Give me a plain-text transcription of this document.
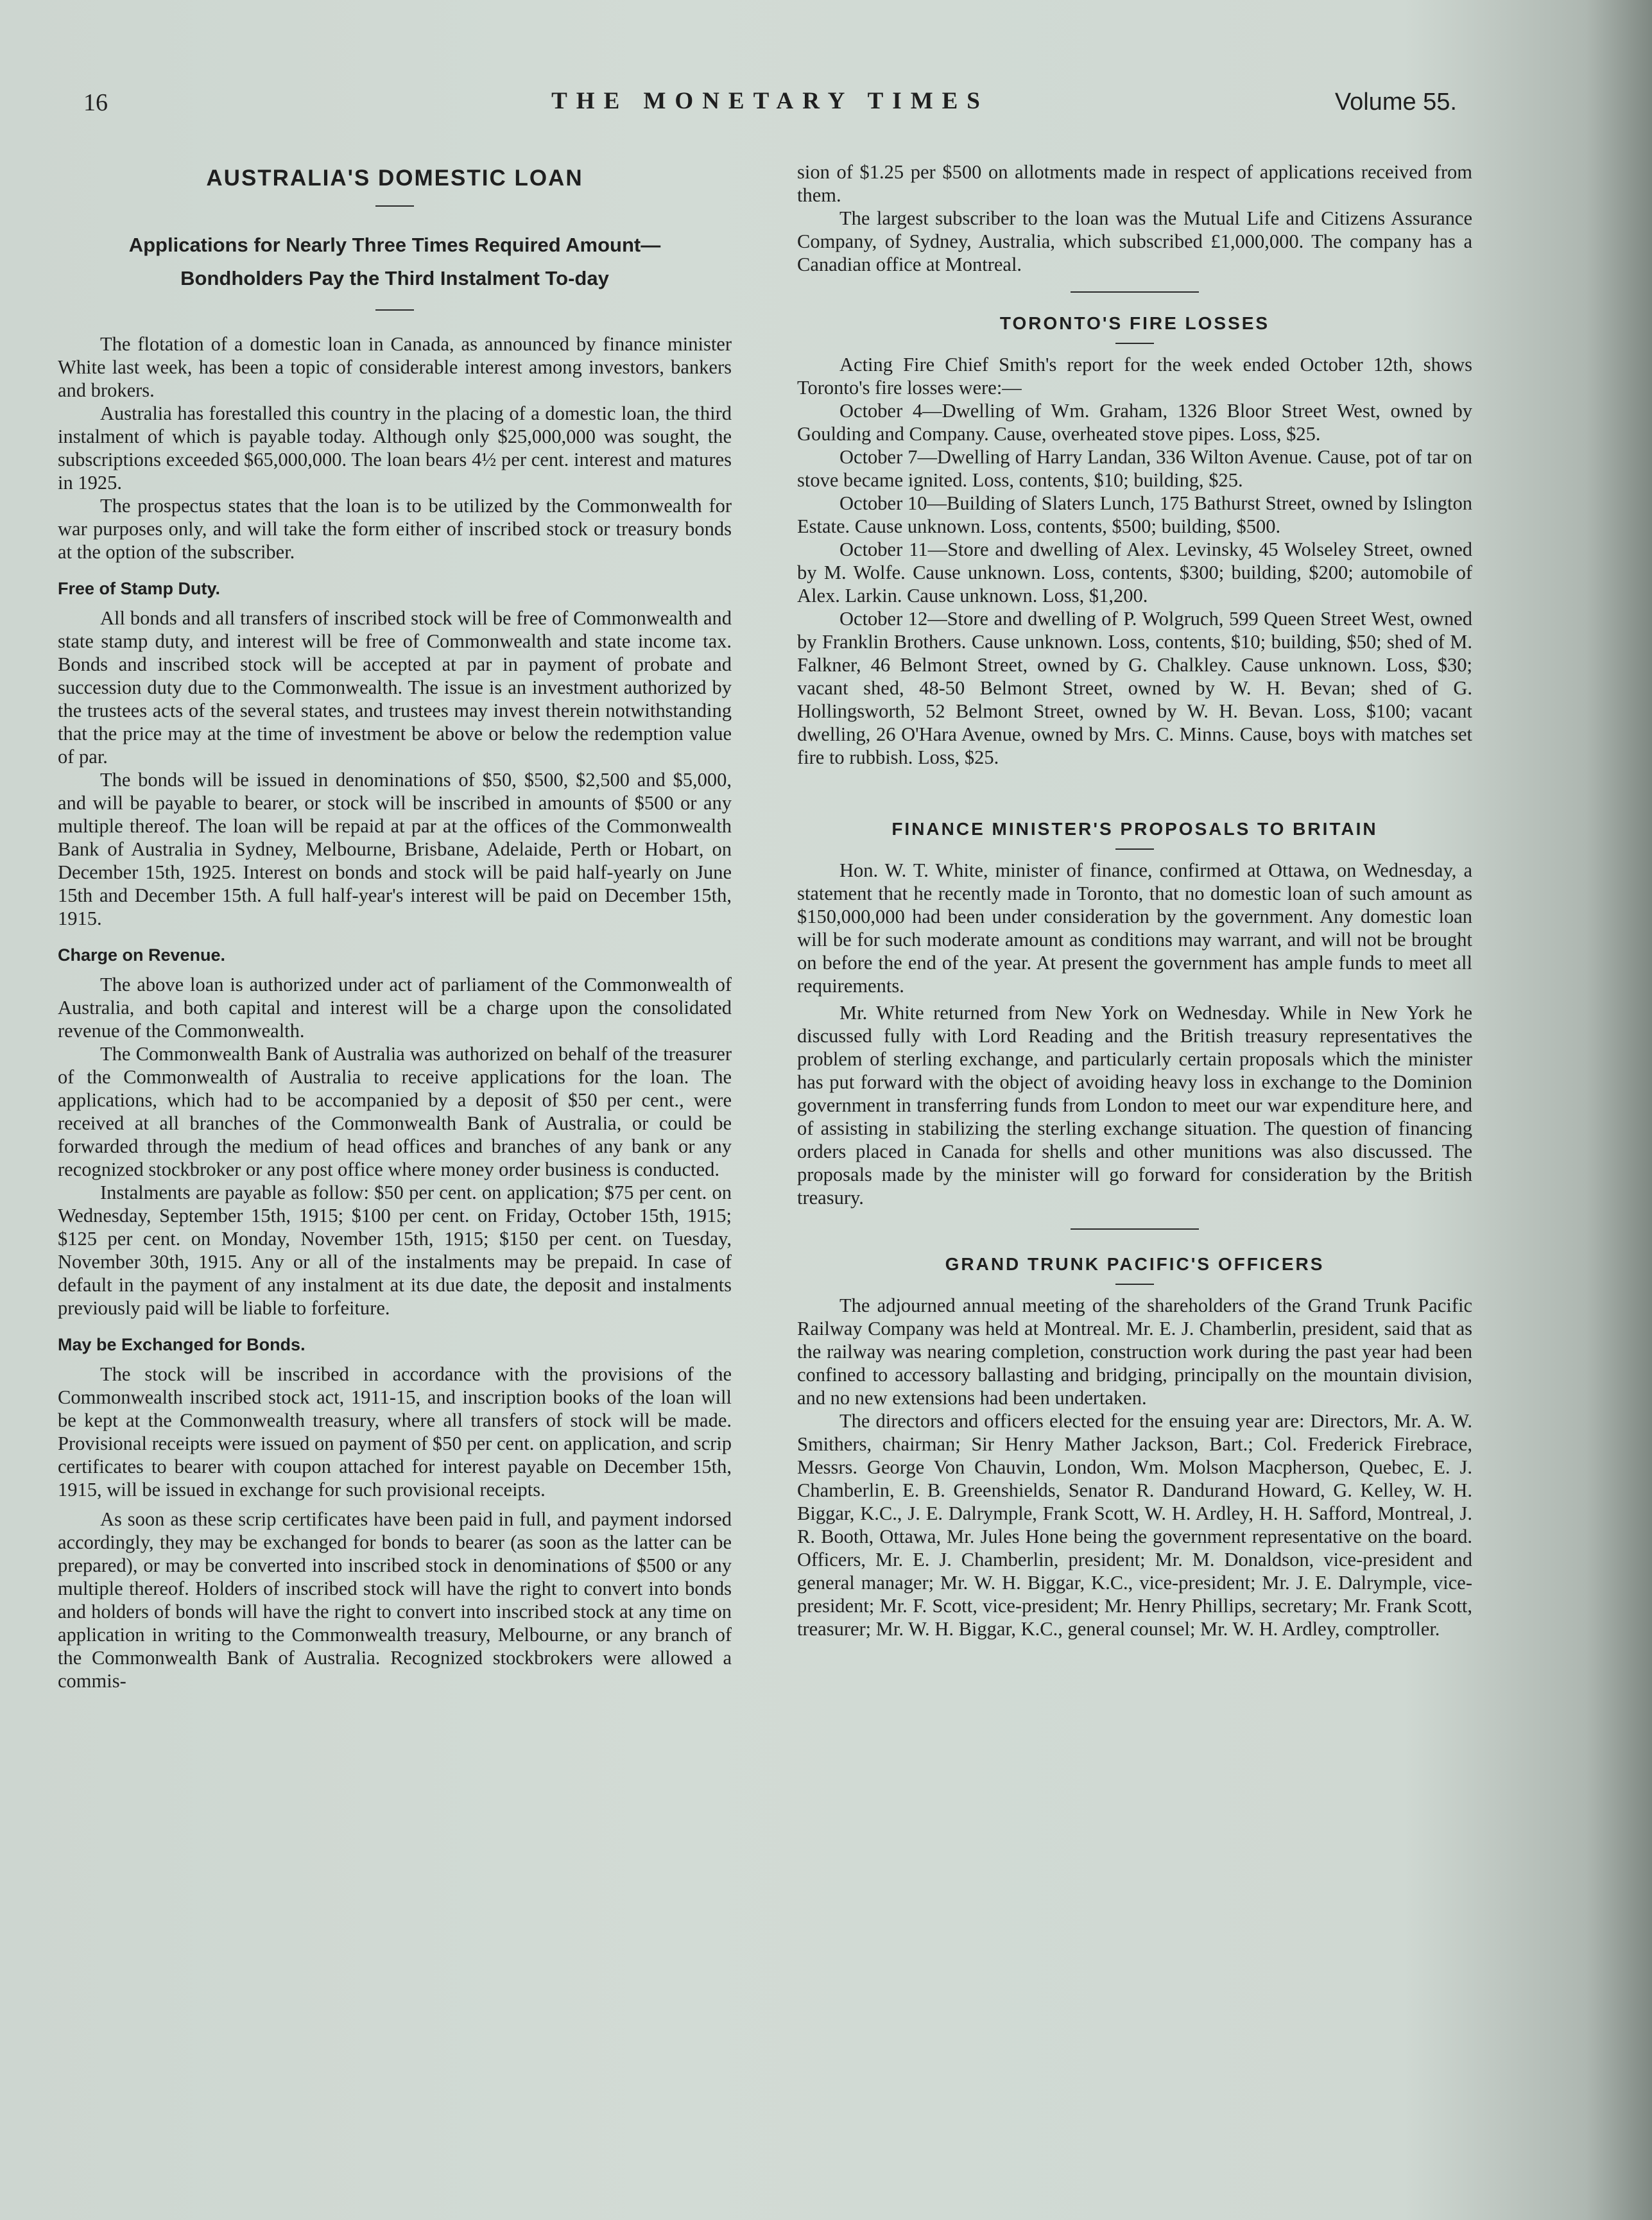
16	THE MONETARY TIMES	Volume 55.
AUSTRALIA'S DOMESTIC LOAN
Applications for Nearly Three Times Required Amount—
Bondholders Pay the Third Instalment To-day

The flotation of a domestic loan in Canada, as announced by finance minister White last week, has been a topic of considerable interest among investors, bankers and brokers.

Australia has forestalled this country in the placing of a domestic loan, the third instalment of which is payable today. Although only $25,000,000 was sought, the subscriptions exceeded $65,000,000. The loan bears 4½ per cent. interest and matures in 1925.

The prospectus states that the loan is to be utilized by the Commonwealth for war purposes only, and will take the form either of inscribed stock or treasury bonds at the option of the subscriber.

Free of Stamp Duty.

All bonds and all transfers of inscribed stock will be free of Commonwealth and state stamp duty, and interest will be free of Commonwealth and state income tax. Bonds and inscribed stock will be accepted at par in payment of probate and succession duty due to the Commonwealth. The issue is an investment authorized by the trustees acts of the several states, and trustees may invest therein notwithstanding that the price may at the time of investment be above or below the redemption value of par.

The bonds will be issued in denominations of $50, $500, $2,500 and $5,000, and will be payable to bearer, or stock will be inscribed in amounts of $500 or any multiple thereof. The loan will be repaid at par at the offices of the Commonwealth Bank of Australia in Sydney, Melbourne, Brisbane, Adelaide, Perth or Hobart, on December 15th, 1925. Interest on bonds and stock will be paid half-yearly on June 15th and December 15th. A full half-year's interest will be paid on December 15th, 1915.

Charge on Revenue.

The above loan is authorized under act of parliament of the Commonwealth of Australia, and both capital and interest will be a charge upon the consolidated revenue of the Commonwealth.

The Commonwealth Bank of Australia was authorized on behalf of the treasurer of the Commonwealth of Australia to receive applications for the loan. The applications, which had to be accompanied by a deposit of $50 per cent., were received at all branches of the Commonwealth Bank of Australia, or could be forwarded through the medium of head offices and branches of any bank or any recognized stockbroker or any post office where money order business is conducted.

Instalments are payable as follow: $50 per cent. on application; $75 per cent. on Wednesday, September 15th, 1915; $100 per cent. on Friday, October 15th, 1915; $125 per cent. on Monday, November 15th, 1915; $150 per cent. on Tuesday, November 30th, 1915. Any or all of the instalments may be prepaid. In case of default in the payment of any instalment at its due date, the deposit and instalments previously paid will be liable to forfeiture.

May be Exchanged for Bonds.

The stock will be inscribed in accordance with the provisions of the Commonwealth inscribed stock act, 1911-15, and inscription books of the loan will be kept at the Commonwealth treasury, where all transfers of stock will be made. Provisional receipts were issued on payment of $50 per cent. on application, and scrip certificates to bearer with coupon attached for interest payable on December 15th, 1915, will be issued in exchange for such provisional receipts.

As soon as these scrip certificates have been paid in full, and payment indorsed accordingly, they may be exchanged for bonds to bearer (as soon as the latter can be prepared), or may be converted into inscribed stock in denominations of $500 or any multiple thereof. Holders of inscribed stock will have the right to convert into bonds and holders of bonds will have the right to convert into inscribed stock at any time on application in writing to the Commonwealth treasury, Melbourne, or any branch of the Commonwealth Bank of Australia. Recognized stockbrokers were allowed a commis-

sion of $1.25 per $500 on allotments made in respect of applications received from them.

The largest subscriber to the loan was the Mutual Life and Citizens Assurance Company, of Sydney, Australia, which subscribed £1,000,000. The company has a Canadian office at Montreal.

TORONTO'S FIRE LOSSES

Acting Fire Chief Smith's report for the week ended October 12th, shows Toronto's fire losses were:—

October 4—Dwelling of Wm. Graham, 1326 Bloor Street West, owned by Goulding and Company. Cause, overheated stove pipes. Loss, $25.

October 7—Dwelling of Harry Landan, 336 Wilton Avenue. Cause, pot of tar on stove became ignited. Loss, contents, $10; building, $25.

October 10—Building of Slaters Lunch, 175 Bathurst Street, owned by Islington Estate. Cause unknown. Loss, contents, $500; building, $500.

October 11—Store and dwelling of Alex. Levinsky, 45 Wolseley Street, owned by M. Wolfe. Cause unknown. Loss, contents, $300; building, $200; automobile of Alex. Larkin. Cause unknown. Loss, $1,200.

October 12—Store and dwelling of P. Wolgruch, 599 Queen Street West, owned by Franklin Brothers. Cause unknown. Loss, contents, $10; building, $50; shed of M. Falkner, 46 Belmont Street, owned by G. Chalkley. Cause unknown. Loss, $30; vacant shed, 48-50 Belmont Street, owned by W. H. Bevan; shed of G. Hollingsworth, 52 Belmont Street, owned by W. H. Bevan. Loss, $100; vacant dwelling, 26 O'Hara Avenue, owned by Mrs. C. Minns. Cause, boys with matches set fire to rubbish. Loss, $25.

FINANCE MINISTER'S PROPOSALS TO BRITAIN

Hon. W. T. White, minister of finance, confirmed at Ottawa, on Wednesday, a statement that he recently made in Toronto, that no domestic loan of such amount as $150,000,000 had been under consideration by the government. Any domestic loan will be for such moderate amount as conditions may warrant, and will not be brought on before the end of the year. At present the government has ample funds to meet all requirements.

Mr. White returned from New York on Wednesday. While in New York he discussed fully with Lord Reading and the British treasury representatives the problem of sterling exchange, and particularly certain proposals which the minister has put forward with the object of avoiding heavy loss in exchange to the Dominion government in transferring funds from London to meet our war expenditure here, and of assisting in stabilizing the sterling exchange situation. The question of financing orders placed in Canada for shells and other munitions was also discussed. The proposals made by the minister will go forward for consideration by the British treasury.

GRAND TRUNK PACIFIC'S OFFICERS

The adjourned annual meeting of the shareholders of the Grand Trunk Pacific Railway Company was held at Montreal. Mr. E. J. Chamberlin, president, said that as the railway was nearing completion, construction work during the past year had been confined to accessory ballasting and bridging, principally on the mountain division, and no new extensions had been undertaken.

The directors and officers elected for the ensuing year are: Directors, Mr. A. W. Smithers, chairman; Sir Henry Mather Jackson, Bart.; Col. Frederick Firebrace, Messrs. George Von Chauvin, London, Wm. Molson Macpherson, Quebec, E. J. Chamberlin, E. B. Greenshields, Senator R. Dandurand Howard, G. Kelley, W. H. Biggar, K.C., J. E. Dalrymple, Frank Scott, W. H. Ardley, H. H. Safford, Montreal, J. R. Booth, Ottawa, Mr. Jules Hone being the government representative on the board. Officers, Mr. E. J. Chamberlin, president; Mr. M. Donaldson, vice-president and general manager; Mr. W. H. Biggar, K.C., vice-president; Mr. J. E. Dalrymple, vice-president; Mr. F. Scott, vice-president; Mr. Henry Phillips, secretary; Mr. Frank Scott, treasurer; Mr. W. H. Biggar, K.C., general counsel; Mr. W. H. Ardley, comptroller.
